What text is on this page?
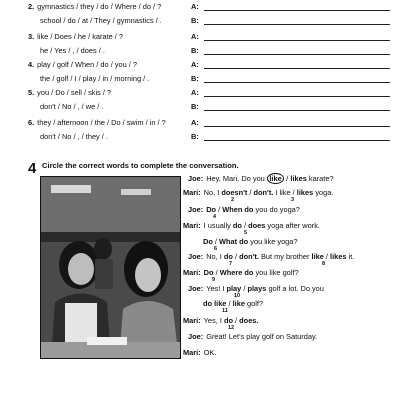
2. gymnastics / they / do / Where / do / ?
school / do / at / They / gymnastics / .
A:
B:
3. like / Does / he / karate / ?
he / Yes / , / does / .
A:
B:
4. play / golf / When / do / you / ?
the / golf / I / play / in / morning / .
A:
B:
5. you / Do / sell / skis / ?
don't / No / , / we / .
A:
B:
6. they / afternoon / the / Do / swim / in / ?
don't / No / , / they / .
A:
B:
4 Circle the correct words to complete the conversation.
Joe: Hey, Mari. Do you like / likes karate?
Mari: No, I doesn't / don't. I like / likes yoga.
2	3
Joe: Do / When do you do yoga?
4
Mari: I usually do / does yoga after work.
5
Do / What do you like yoga?
6
Joe: No, I do / don't. But my brother like / likes it.
7	8
Mari: Do / Where do you like golf?
9
Joe: Yes! I play / plays golf a lot. Do you
10
do like / like golf?
11
Mari: Yes, I do / does.
12
Joe: Great! Let's play golf on Saturday.
Mari: OK.
